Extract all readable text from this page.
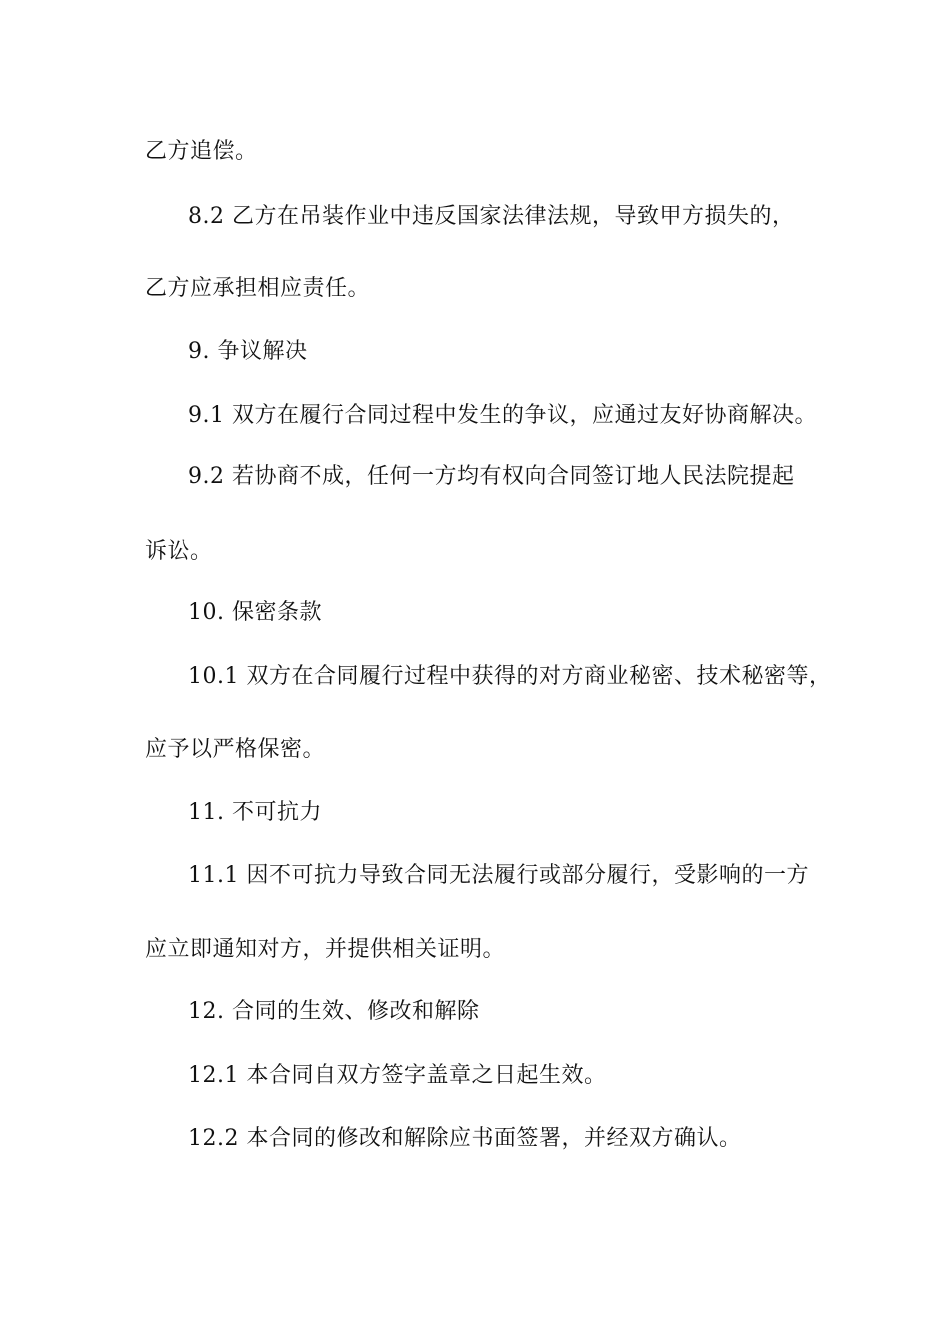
乙方追偿。
8.2 乙方在吊装作业中违反国家法律法规，导致甲方损失的，
乙方应承担相应责任。
9. 争议解决
9.1 双方在履行合同过程中发生的争议，应通过友好协商解决。
9.2 若协商不成，任何一方均有权向合同签订地人民法院提起
诉讼。
10. 保密条款
10.1 双方在合同履行过程中获得的对方商业秘密、技术秘密等，
应予以严格保密。
11. 不可抗力
11.1 因不可抗力导致合同无法履行或部分履行，受影响的一方
应立即通知对方，并提供相关证明。
12. 合同的生效、修改和解除
12.1 本合同自双方签字盖章之日起生效。
12.2 本合同的修改和解除应书面签署，并经双方确认。
